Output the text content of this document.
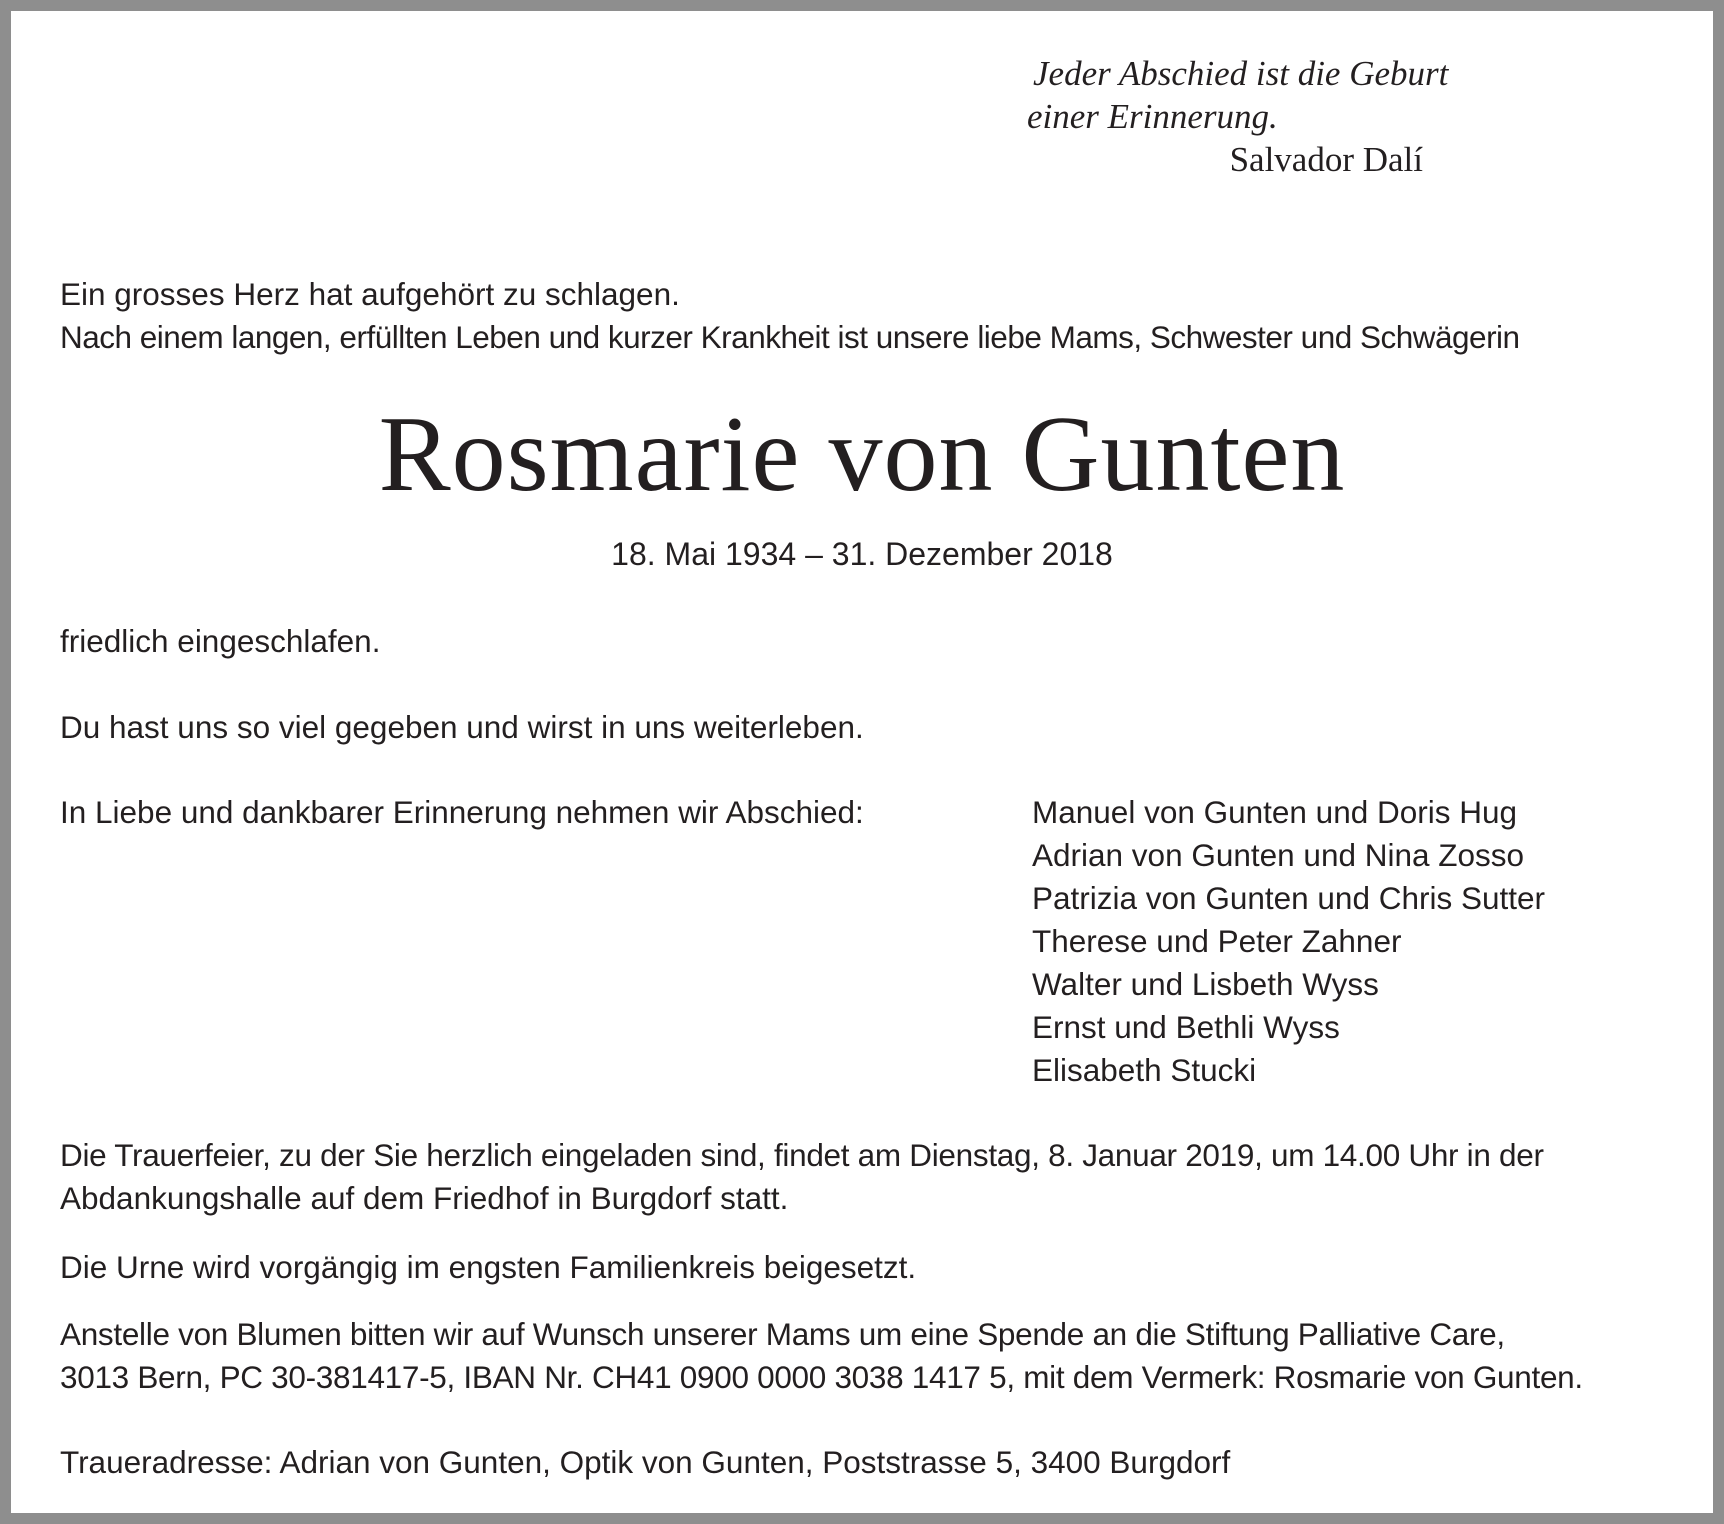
Jeder Abschied ist die Geburt
einer Erinnerung.
Salvador Dalí
Ein grosses Herz hat aufgehört zu schlagen.
Nach einem langen, erfüllten Leben und kurzer Krankheit ist unsere liebe Mams, Schwester und Schwägerin
Rosmarie von Gunten
18. Mai 1934 – 31. Dezember 2018
friedlich eingeschlafen.
Du hast uns so viel gegeben und wirst in uns weiterleben.
In Liebe und dankbarer Erinnerung nehmen wir Abschied:	Manuel von Gunten und Doris Hug
Adrian von Gunten und Nina Zosso
Patrizia von Gunten und Chris Sutter
Therese und Peter Zahner
Walter und Lisbeth Wyss
Ernst und Bethli Wyss
Elisabeth Stucki
Die Trauerfeier, zu der Sie herzlich eingeladen sind, findet am Dienstag, 8. Januar 2019, um 14.00 Uhr in der
Abdankungshalle auf dem Friedhof in Burgdorf statt.
Die Urne wird vorgängig im engsten Familienkreis beigesetzt.
Anstelle von Blumen bitten wir auf Wunsch unserer Mams um eine Spende an die Stiftung Palliative Care,
3013 Bern, PC 30-381417-5, IBAN Nr. CH41 0900 0000 3038 1417 5, mit dem Vermerk: Rosmarie von Gunten.
Traueradresse: Adrian von Gunten, Optik von Gunten, Poststrasse 5, 3400 Burgdorf
